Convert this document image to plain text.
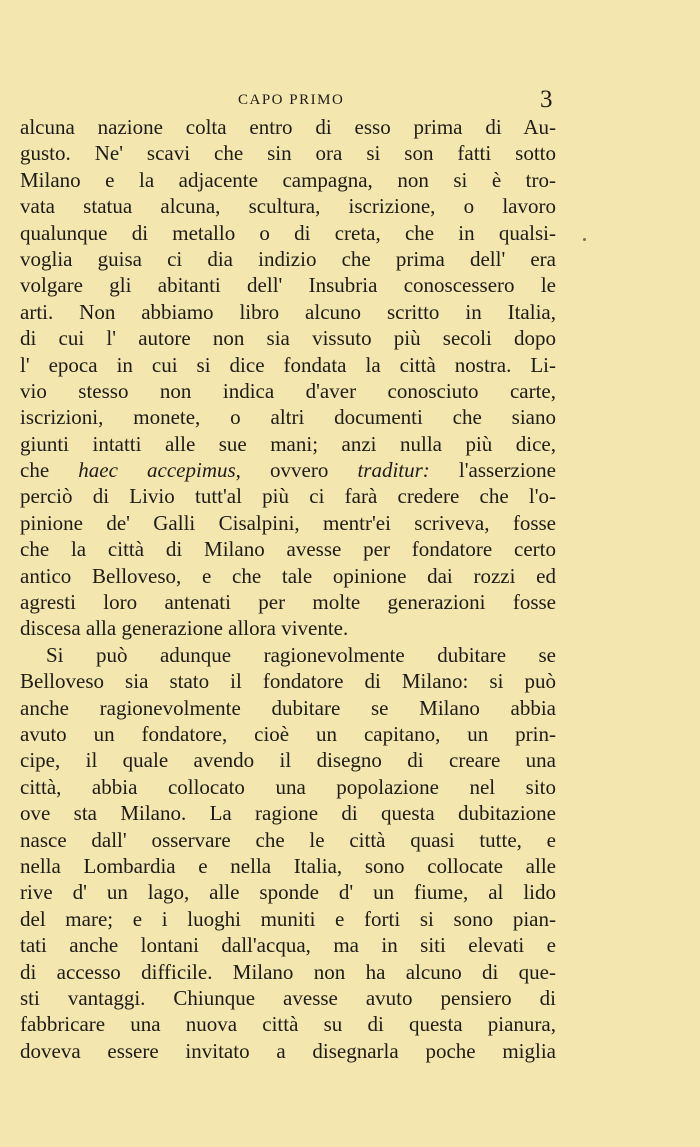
CAPO PRIMO	3
alcuna nazione colta entro di esso prima di Au-
gusto. Ne' scavi che sin ora si son fatti sotto
Milano e la adjacente campagna, non si è tro-
vata statua alcuna, scultura, iscrizione, o lavoro
qualunque di metallo o di creta, che in qualsi-
voglia guisa ci dia indizio che prima dell' era
volgare gli abitanti dell' Insubria conoscessero le
arti. Non abbiamo libro alcuno scritto in Italia,
di cui l' autore non sia vissuto più secoli dopo
l' epoca in cui si dice fondata la città nostra. Li-
vio stesso non indica d'aver conosciuto carte,
iscrizioni, monete, o altri documenti che siano
giunti intatti alle sue mani; anzi nulla più dice,
che haec accepimus, ovvero traditur: l'asserzione
perciò di Livio tutt'al più ci farà credere che l'o-
pinione de' Galli Cisalpini, mentr'ei scriveva, fosse
che la città di Milano avesse per fondatore certo
antico Belloveso, e che tale opinione dai rozzi ed
agresti loro antenati per molte generazioni fosse
discesa alla generazione allora vivente.
Si può adunque ragionevolmente dubitare se
Belloveso sia stato il fondatore di Milano: si può
anche ragionevolmente dubitare se Milano abbia
avuto un fondatore, cioè un capitano, un prin-
cipe, il quale avendo il disegno di creare una
città, abbia collocato una popolazione nel sito
ove sta Milano. La ragione di questa dubitazione
nasce dall' osservare che le città quasi tutte, e
nella Lombardia e nella Italia, sono collocate alle
rive d' un lago, alle sponde d' un fiume, al lido
del mare; e i luoghi muniti e forti si sono pian-
tati anche lontani dall'acqua, ma in siti elevati e
di accesso difficile. Milano non ha alcuno di que-
sti vantaggi. Chiunque avesse avuto pensiero di
fabbricare una nuova città su di questa pianura,
doveva essere invitato a disegnarla poche miglia
